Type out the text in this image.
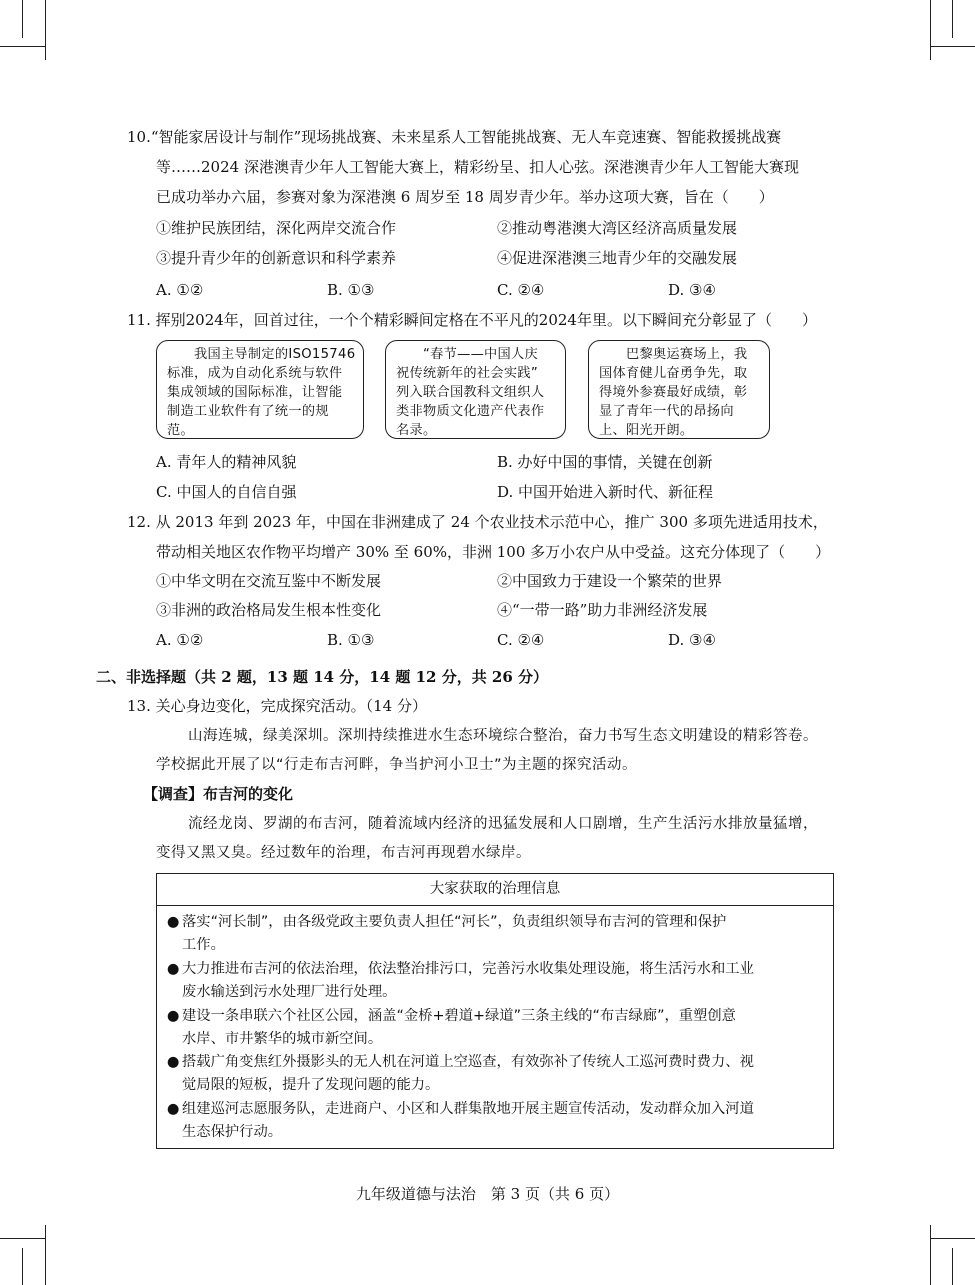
10.“智能家居设计与制作”现场挑战赛、未来星系人工智能挑战赛、无人车竞速赛、智能救援挑战赛
等……2024 深港澳青少年人工智能大赛上，精彩纷呈、扣人心弦。深港澳青少年人工智能大赛现
已成功举办六届，参赛对象为深港澳 6 周岁至 18 周岁青少年。举办这项大赛，旨在（　　）
①维护民族团结，深化两岸交流合作	②推动粤港澳大湾区经济高质量发展
③提升青少年的创新意识和科学素养	④促进深港澳三地青少年的交融发展
A. ①②	B. ①③	C. ②④	D. ③④
11. 挥别2024年，回首过往，一个个精彩瞬间定格在不平凡的2024年里。以下瞬间充分彰显了（　　）
　　我国主导制定的ISO15746
标准，成为自动化系统与软件
集成领域的国际标准，让智能
制造工业软件有了统一的规
范。
　　“春节——中国人庆
祝传统新年的社会实践”
列入联合国教科文组织人
类非物质文化遗产代表作
名录。
　　巴黎奥运赛场上，我
国体育健儿奋勇争先，取
得境外参赛最好成绩，彰
显了青年一代的昂扬向
上、阳光开朗。
A. 青年人的精神风貌	B. 办好中国的事情，关键在创新
C. 中国人的自信自强	D. 中国开始进入新时代、新征程
12. 从 2013 年到 2023 年，中国在非洲建成了 24 个农业技术示范中心，推广 300 多项先进适用技术，
带动相关地区农作物平均增产 30% 至 60%，非洲 100 多万小农户从中受益。这充分体现了（　　）
①中华文明在交流互鉴中不断发展	②中国致力于建设一个繁荣的世界
③非洲的政治格局发生根本性变化	④“一带一路”助力非洲经济发展
A. ①②	B. ①③	C. ②④	D. ③④
二、非选择题（共 2 题，13 题 14 分，14 题 12 分，共 26 分）
13. 关心身边变化，完成探究活动。（14 分）
山海连城，绿美深圳。深圳持续推进水生态环境综合整治，奋力书写生态文明建设的精彩答卷。
学校据此开展了以“行走布吉河畔，争当护河小卫士”为主题的探究活动。
【调查】布吉河的变化
流经龙岗、罗湖的布吉河，随着流域内经济的迅猛发展和人口剧增，生产生活污水排放量猛增，
变得又黑又臭。经过数年的治理，布吉河再现碧水绿岸。
大家获取的治理信息
● 落实“河长制”，由各级党政主要负责人担任“河长”，负责组织领导布吉河的管理和保护
工作。
● 大力推进布吉河的依法治理，依法整治排污口，完善污水收集处理设施，将生活污水和工业
废水输送到污水处理厂进行处理。
● 建设一条串联六个社区公园，涵盖“金桥+碧道+绿道”三条主线的“布吉绿廊”，重塑创意
水岸、市井繁华的城市新空间。
● 搭载广角变焦红外摄影头的无人机在河道上空巡查，有效弥补了传统人工巡河费时费力、视
觉局限的短板，提升了发现问题的能力。
● 组建巡河志愿服务队，走进商户、小区和人群集散地开展主题宣传活动，发动群众加入河道
生态保护行动。
九年级道德与法治　第 3 页（共 6 页）
